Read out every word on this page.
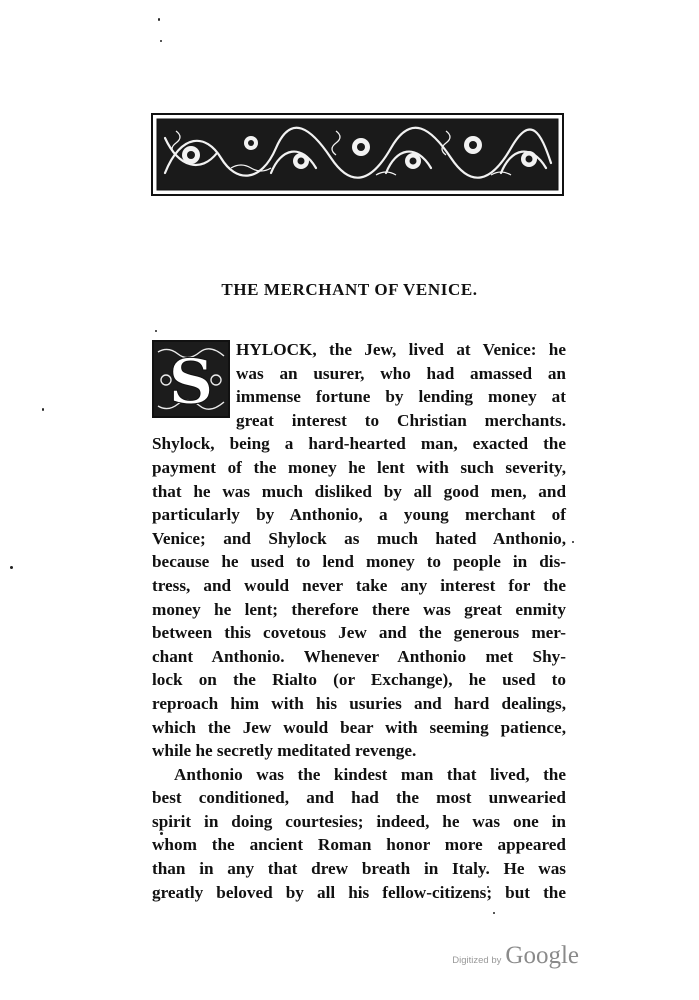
THE MERCHANT OF VENICE.
S	HYLOCK, the Jew, lived at Venice: he
was an usurer, who had amassed an
immense fortune by lending money at
great interest to Christian merchants.
Shylock, being a hard-hearted man, exacted the
payment of the money he lent with such severity,
that he was much disliked by all good men, and
particularly by Anthonio, a young merchant of
Venice; and Shylock as much hated Anthonio,
because he used to lend money to people in dis-
tress, and would never take any interest for the
money he lent; therefore there was great enmity
between this covetous Jew and the generous mer-
chant Anthonio. Whenever Anthonio met Shy-
lock on the Rialto (or Exchange), he used to
reproach him with his usuries and hard dealings,
which the Jew would bear with seeming patience,
while he secretly meditated revenge.
Anthonio was the kindest man that lived, the
best conditioned, and had the most unwearied
spirit in doing courtesies; indeed, he was one in
whom the ancient Roman honor more appeared
than in any that drew breath in Italy. He was
greatly beloved by all his fellow-citizens; but the
Digitized by Google
